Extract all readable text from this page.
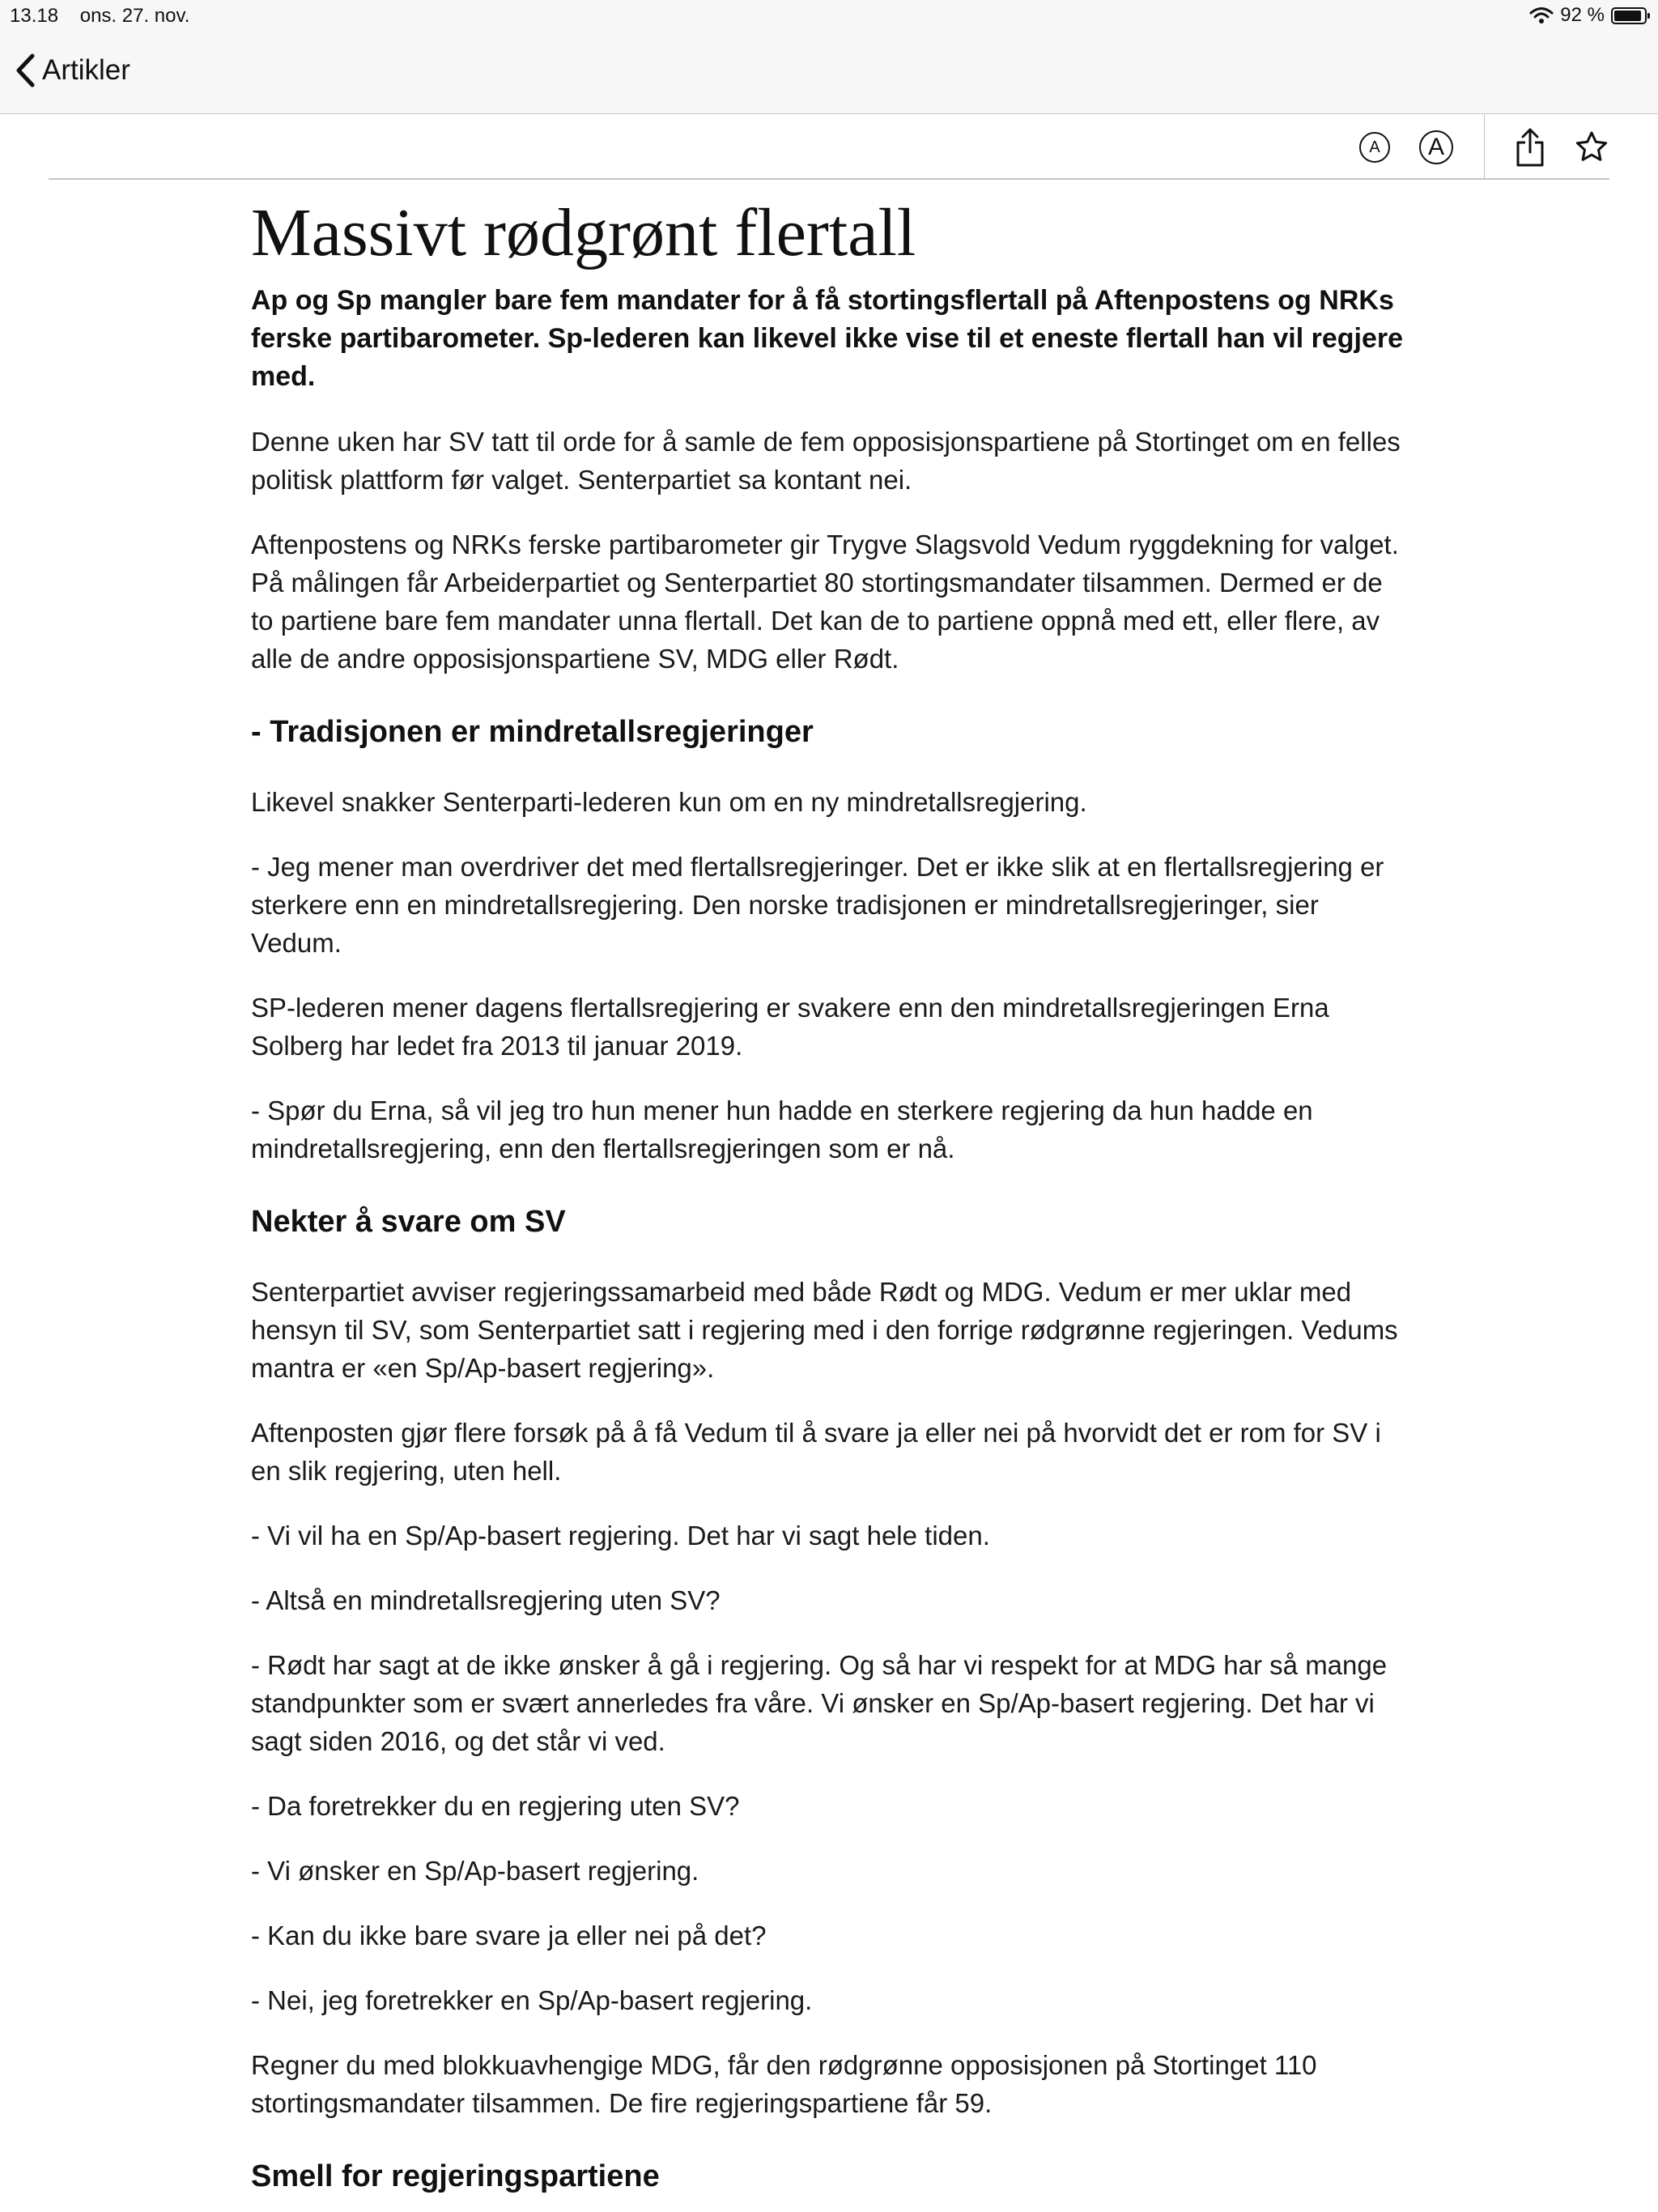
13.18 ons. 27. nov.	92 %
Artikler
A	A
Massivt rødgrønt flertall

Ap og Sp mangler bare fem mandater for å få stortingsflertall på Aftenpostens og NRKs ferske partibarometer. Sp-lederen kan likevel ikke vise til et eneste flertall han vil regjere med.

Denne uken har SV tatt til orde for å samle de fem opposisjonspartiene på Stortinget om en felles politisk plattform før valget. Senterpartiet sa kontant nei.

Aftenpostens og NRKs ferske partibarometer gir Trygve Slagsvold Vedum ryggdekning for valget. På målingen får Arbeiderpartiet og Senterpartiet 80 stortingsmandater tilsammen. Dermed er de to partiene bare fem mandater unna flertall. Det kan de to partiene oppnå med ett, eller flere, av alle de andre opposisjonspartiene SV, MDG eller Rødt.

- Tradisjonen er mindretallsregjeringer

Likevel snakker Senterparti-lederen kun om en ny mindretallsregjering.

- Jeg mener man overdriver det med flertallsregjeringer. Det er ikke slik at en flertallsregjering er sterkere enn en mindretallsregjering. Den norske tradisjonen er mindretallsregjeringer, sier Vedum.

SP-lederen mener dagens flertallsregjering er svakere enn den mindretallsregjeringen Erna Solberg har ledet fra 2013 til januar 2019.

- Spør du Erna, så vil jeg tro hun mener hun hadde en sterkere regjering da hun hadde en mindretallsregjering, enn den flertallsregjeringen som er nå.

Nekter å svare om SV

Senterpartiet avviser regjeringssamarbeid med både Rødt og MDG. Vedum er mer uklar med hensyn til SV, som Senterpartiet satt i regjering med i den forrige rødgrønne regjeringen. Vedums mantra er «en Sp/Ap-basert regjering».

Aftenposten gjør flere forsøk på å få Vedum til å svare ja eller nei på hvorvidt det er rom for SV i en slik regjering, uten hell.

- Vi vil ha en Sp/Ap-basert regjering. Det har vi sagt hele tiden.

- Altså en mindretallsregjering uten SV?

- Rødt har sagt at de ikke ønsker å gå i regjering. Og så har vi respekt for at MDG har så mange standpunkter som er svært annerledes fra våre. Vi ønsker en Sp/Ap-basert regjering. Det har vi sagt siden 2016, og det står vi ved.

- Da foretrekker du en regjering uten SV?

- Vi ønsker en Sp/Ap-basert regjering.

- Kan du ikke bare svare ja eller nei på det?

- Nei, jeg foretrekker en Sp/Ap-basert regjering.

Regner du med blokkuavhengige MDG, får den rødgrønne opposisjonen på Stortinget 110 stortingsmandater tilsammen. De fire regjeringspartiene får 59.

Smell for regjeringspartiene
